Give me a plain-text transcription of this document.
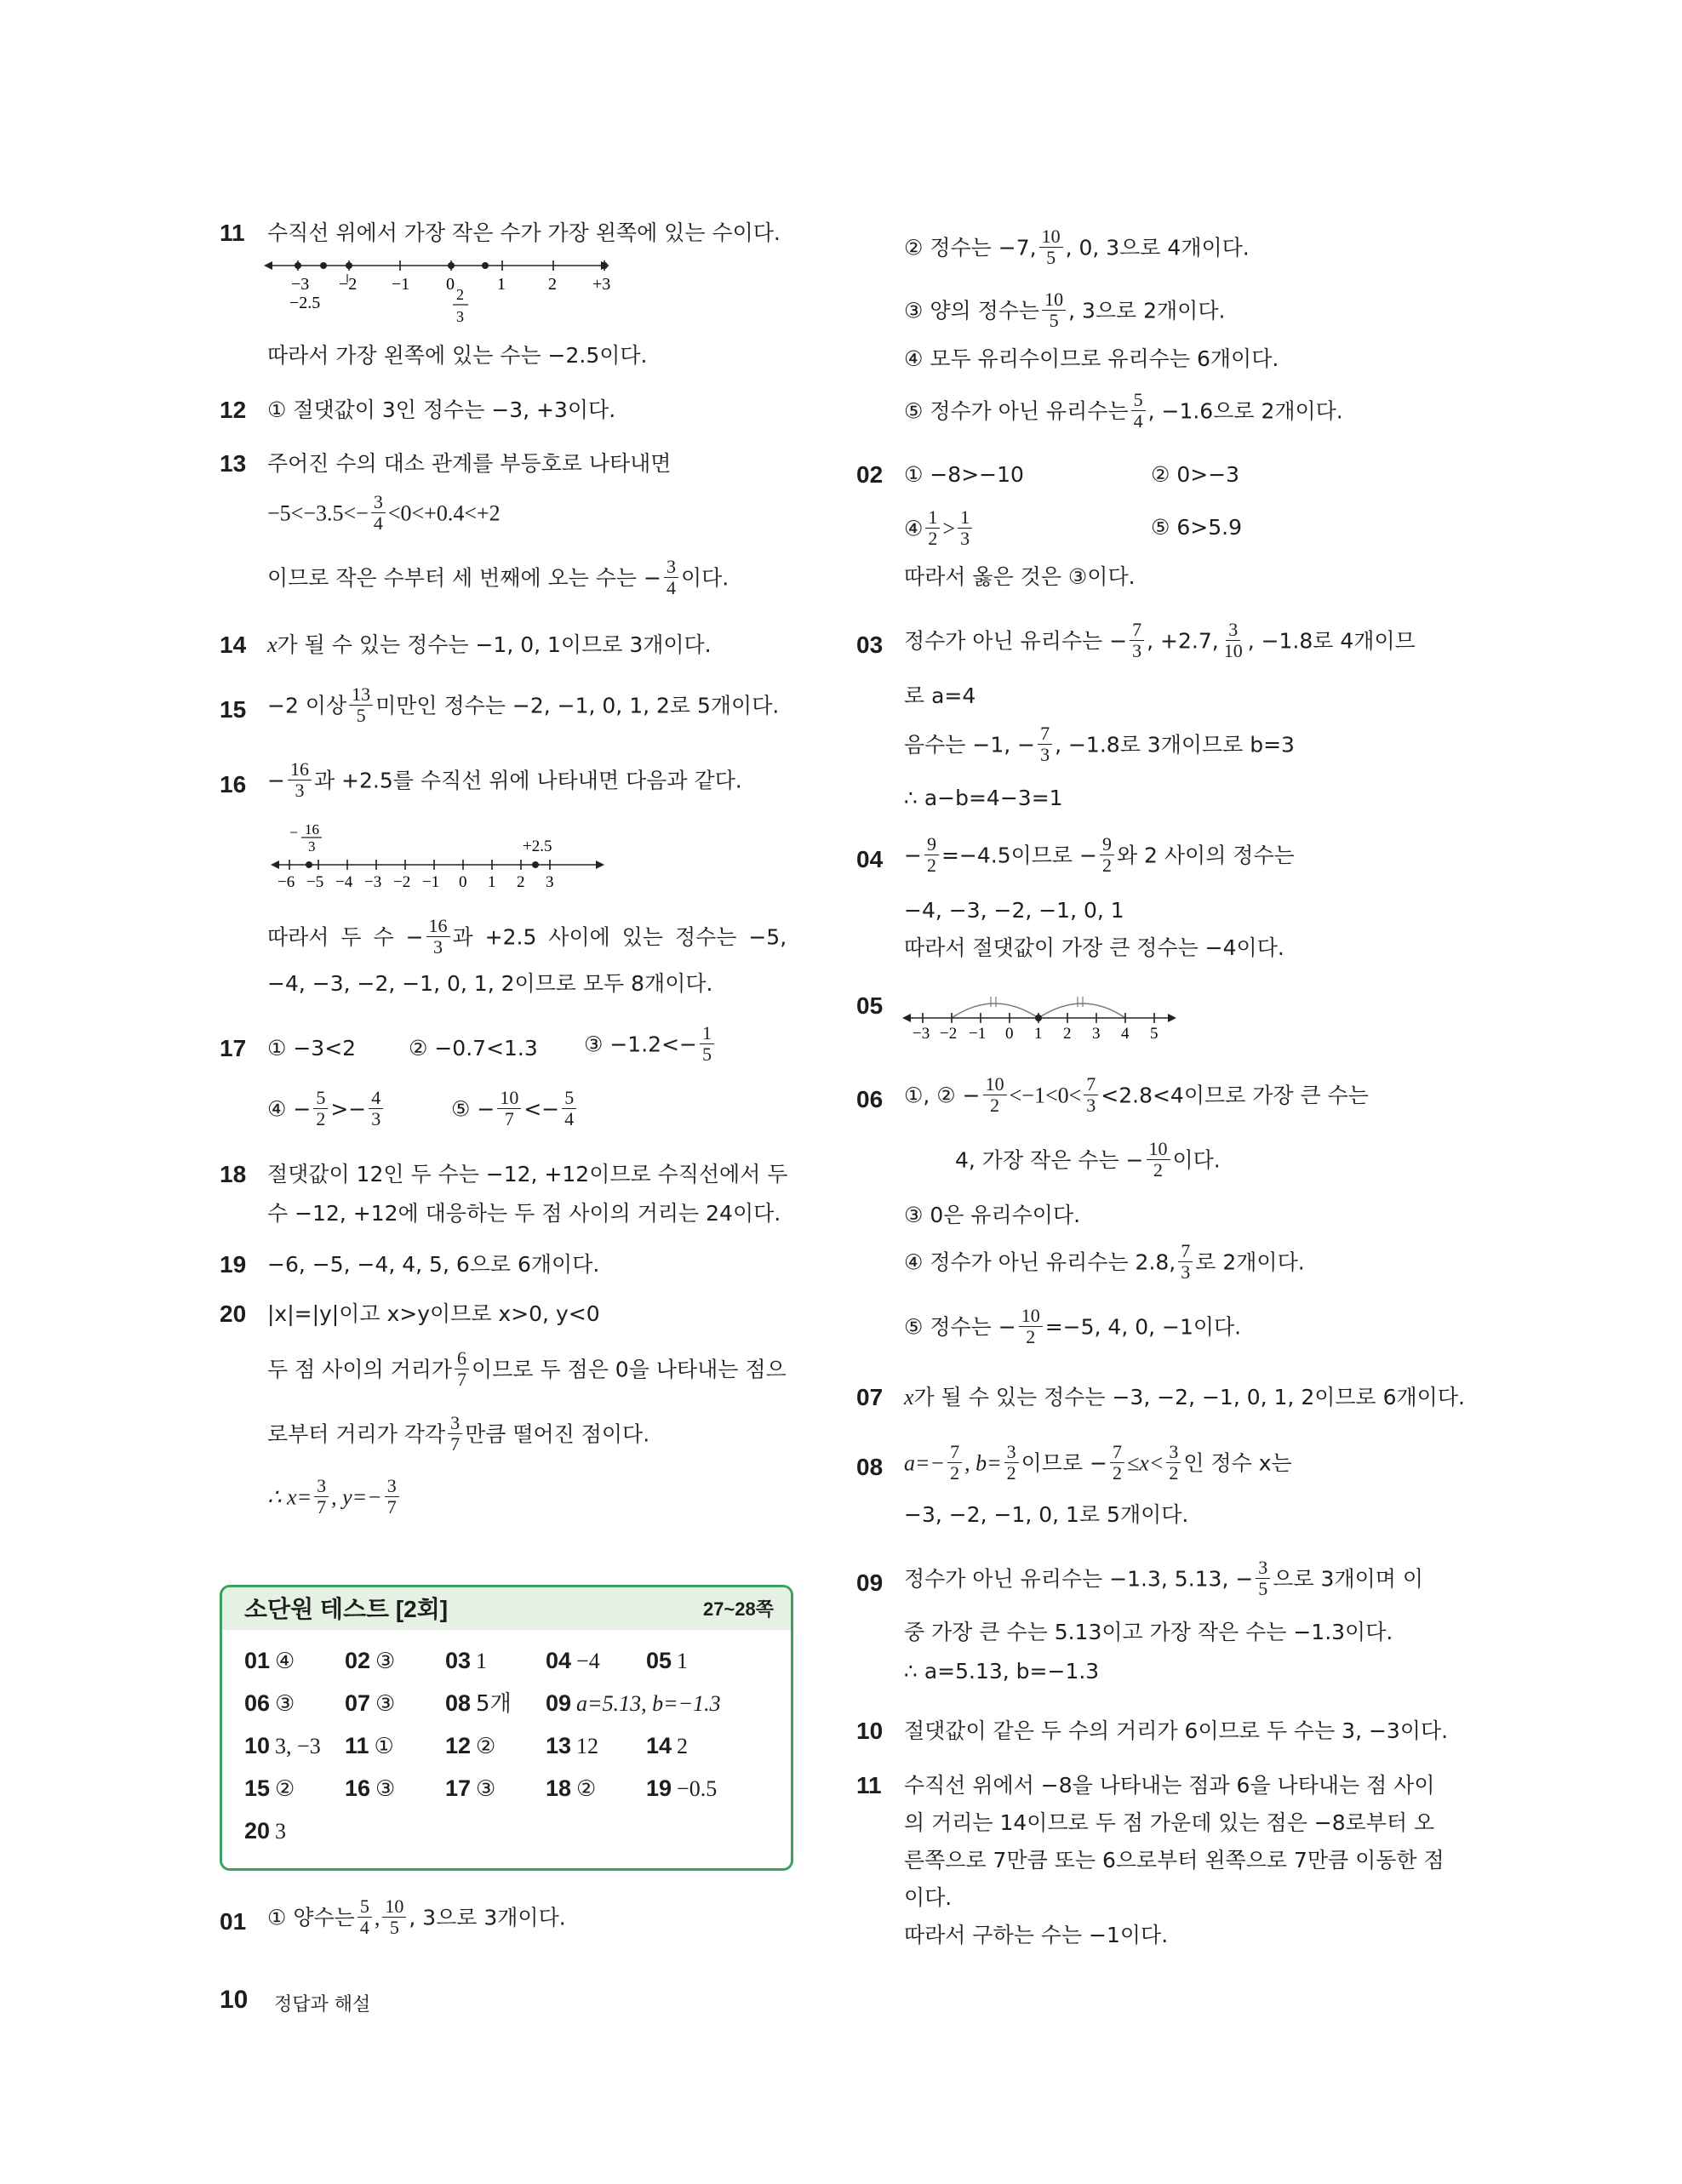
11 수직선 위에서 가장 작은 수가 가장 왼쪽에 있는 수이다.
−3 −2 −1 0	1	2 +3
−2.5	2
3
따라서 가장 왼쪽에 있는 수는 −2.5이다.
12 ① 절댓값이 3인 정수는 −3, +3이다.
13 주어진 수의 대소 관계를 부등호로 나타내면
$-5<-3.5<- \frac{3}{4} <0<+0.4<+2$
이므로 작은 수부터 세 번째에 오는 수는 − $\frac{3}{4}$ 이다.
14 x가 될 수 있는 정수는 −1, 0, 1이므로 3개이다.
15 −2 이상 $\frac{13}{5}$ 미만인 정수는 −2, −1, 0, 1, 2로 5개이다.
$16 - \frac{16}{3}$ 과 +2.5를 수직선 위에 나타내면 다음과 같다.
− 16
3	+2.5
−6 −5 −4 −3 −2 −1 0 1 2 3
따라서 두 수 − $\frac{16}{3}$ 과 +2.5 사이에 있는 정수는 −5,
−4, −3, −2, −1, 0, 1, 2이므로 모두 8개이다.
17 ① −3<2 ② −0.7<1.3 ③ $-1.2<- \frac{1}{5}$
④ − $\frac{5}{2} >- \frac{4}{3}$	⑤ − $\frac{10}{7} <- \frac{5}{4}$
18 절댓값이 12인 두 수는 −12, +12이므로 수직선에서 두
수 −12, +12에 대응하는 두 점 사이의 거리는 24이다.
19 −6, −5, −4, 4, 5, 6으로 6개이다.
20 |x|=|y|이고 x>y이므로 x>0, y<0
두 점 사이의 거리가 $\frac{6}{7}$ 이므로 두 점은 0을 나타내는 점으
로부터 거리가 각각 $\frac{3}{7}$ 만큼 떨어진 점이다.
∴ $x= \frac{3}{7}$ , $y=- \frac{3}{7}$
소단원 테스트 [2회]	27~28쪽
01 ④ 02 ③ 03 1	04 −4 05 1
06 ③ 07 ③ 08 5개 09 a=5.13, b=−1.3
10 3, −3 11 ① 12 ② 13 12 14 2
15 ② 16 ③ 17 ③ 18 ② 19 −0.5
20 3
01 ① 양수는 $\frac{5}{4}$ , $\frac{10}{5}$ , 3으로 3개이다.
② 정수는 −7, $\frac{10}{5}$ , 0, 3으로 4개이다.
③ 양의 정수는 $\frac{10}{5}$ , 3으로 2개이다.
④ 모두 유리수이므로 유리수는 6개이다.
⑤ 정수가 아닌 유리수는 $\frac{5}{4}$ , −1.6으로 2개이다.
02 ① −8>−10	② 0>−3
④ $\frac{1}{2} > \frac{1}{3}$	⑤ 6>5.9
따라서 옳은 것은 ③이다.
03 정수가 아닌 유리수는 − $\frac{7}{3}$ , +2.7, $\frac{3}{10}$ , −1.8로 4개이므
로 a=4
음수는 −1, − $\frac{7}{3}$ , −1.8로 3개이므로 b=3
∴ a−b=4−3=1
$04 - \frac{9}{2} =-4.5$이므로 − $\frac{9}{2}$ 와 2 사이의 정수는
−4, −3, −2, −1, 0, 1
따라서 절댓값이 가장 큰 정수는 −4이다.
05
−3 −2 −1 0 1 2 3 4 5
06 ①, ② − $\frac{10}{2} <-1<0< \frac{7}{3} <2.8<4$이므로 가장 큰 수는
4, 가장 작은 수는 − $\frac{10}{2}$ 이다.
③ 0은 유리수이다.
④ 정수가 아닌 유리수는 2.8, $\frac{7}{3}$ 로 2개이다.
⑤ 정수는 − $\frac{10}{2} =-5$, 4, 0, −1이다.
07 x가 될 수 있는 정수는 −3, −2, −1, 0, 1, 2이므로 6개이다.
08 $a=- \frac{7}{2}$ , $b= \frac{3}{2}$ 이므로 − $\frac{7}{2} \le x< \frac{3}{2}$ 인 정수 x는
−3, −2, −1, 0, 1로 5개이다.
09 정수가 아닌 유리수는 −1.3, 5.13, − $\frac{3}{5}$ 으로 3개이며 이
중 가장 큰 수는 5.13이고 가장 작은 수는 −1.3이다.
∴ a=5.13, b=−1.3
10 절댓값이 같은 두 수의 거리가 6이므로 두 수는 3, −3이다.
11 수직선 위에서 −8을 나타내는 점과 6을 나타내는 점 사이
의 거리는 14이므로 두 점 가운데 있는 점은 −8로부터 오
른쪽으로 7만큼 또는 6으로부터 왼쪽으로 7만큼 이동한 점
이다.
따라서 구하는 수는 −1이다.
10 정답과 해설
